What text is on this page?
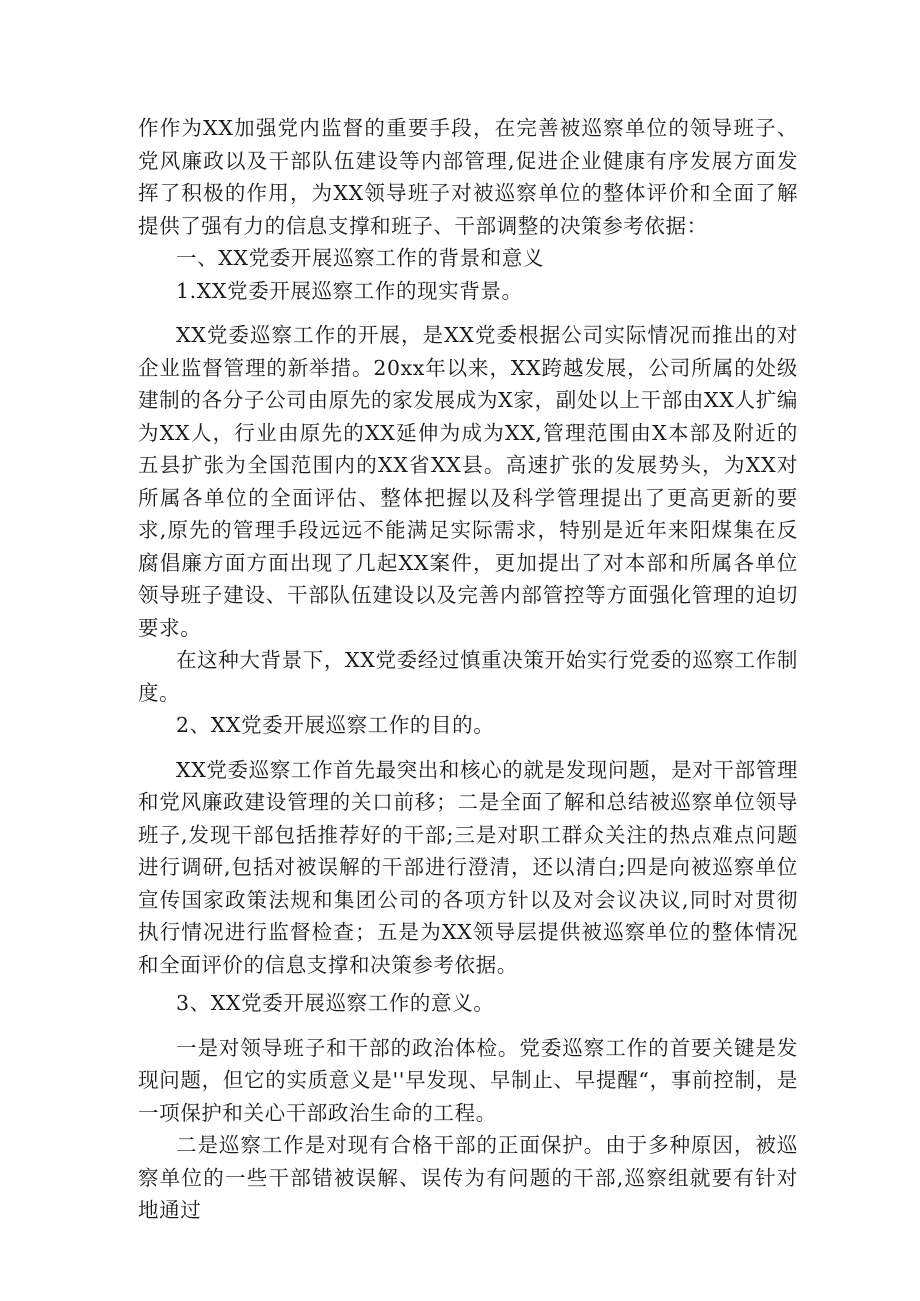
作作为XX加强党内监督的重要手段，在完善被巡察单位的领导班子、党风廉政以及干部队伍建设等内部管理,促进企业健康有序发展方面发挥了积极的作用，为XX领导班子对被巡察单位的整体评价和全面了解提供了强有力的信息支撑和班子、干部调整的决策参考依据：

一、XX党委开展巡察工作的背景和意义

1.XX党委开展巡察工作的现实背景。

XX党委巡察工作的开展，是XX党委根据公司实际情况而推出的对企业监督管理的新举措。20xx年以来，XX跨越发展，公司所属的处级建制的各分子公司由原先的家发展成为X家，副处以上干部由XX人扩编为XX人，行业由原先的XX延伸为成为XX,管理范围由X本部及附近的五县扩张为全国范围内的XX省XX县。高速扩张的发展势头，为XX对所属各单位的全面评估、整体把握以及科学管理提出了更高更新的要求,原先的管理手段远远不能满足实际需求，特别是近年来阳煤集在反腐倡廉方面方面出现了几起XX案件，更加提出了对本部和所属各单位领导班子建设、干部队伍建设以及完善内部管控等方面强化管理的迫切要求。

在这种大背景下，XX党委经过慎重决策开始实行党委的巡察工作制度。

2、XX党委开展巡察工作的目的。

XX党委巡察工作首先最突出和核心的就是发现问题，是对干部管理和党风廉政建设管理的关口前移；二是全面了解和总结被巡察单位领导班子,发现干部包括推荐好的干部;三是对职工群众关注的热点难点问题进行调研,包括对被误解的干部进行澄清，还以清白;四是向被巡察单位宣传国家政策法规和集团公司的各项方针以及对会议决议,同时对贯彻执行情况进行监督检查；五是为XX领导层提供被巡察单位的整体情况和全面评价的信息支撑和决策参考依据。

3、XX党委开展巡察工作的意义。

一是对领导班子和干部的政治体检。党委巡察工作的首要关键是发现问题，但它的实质意义是''早发现、早制止、早提醒“，事前控制，是一项保护和关心干部政治生命的工程。

二是巡察工作是对现有合格干部的正面保护。由于多种原因，被巡察单位的一些干部错被误解、误传为有问题的干部,巡察组就要有针对地通过
